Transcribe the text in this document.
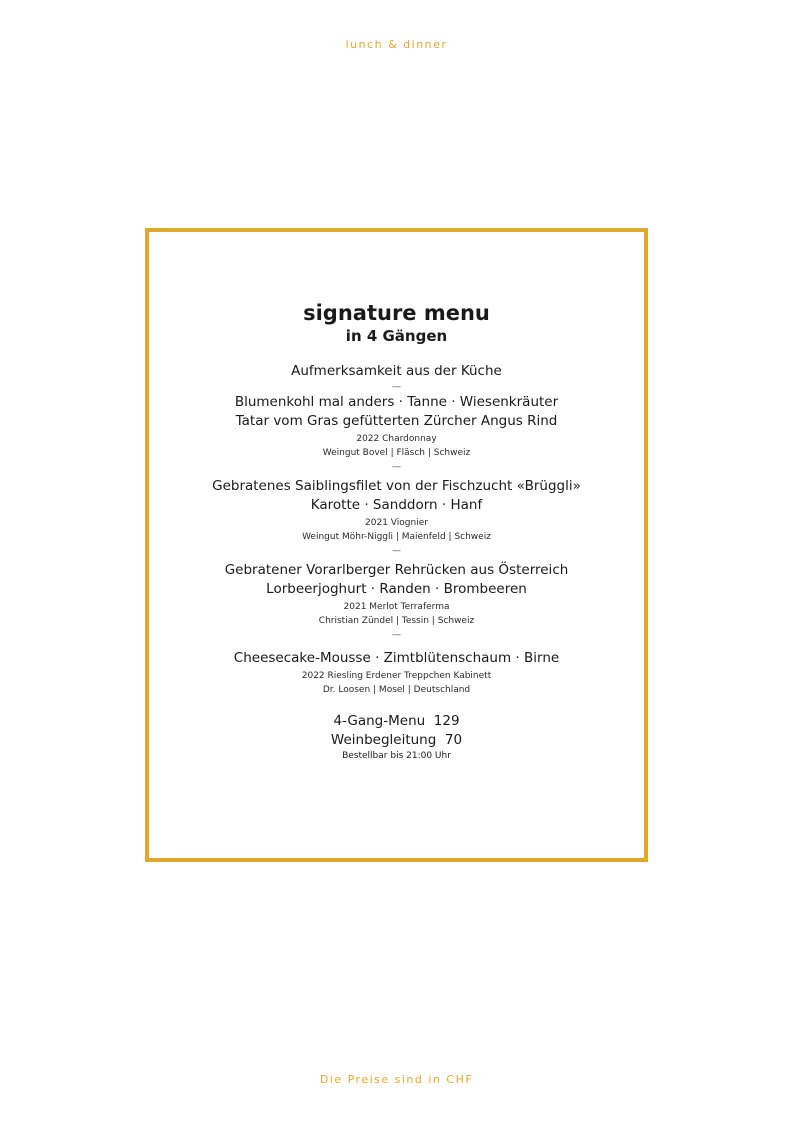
lunch & dinner
signature menu
in 4 Gängen
Aufmerksamkeit aus der Küche
—
Blumenkohl mal anders · Tanne · Wiesenkräuter
Tatar vom Gras gefütterten Zürcher Angus Rind
2022 Chardonnay
Weingut Bovel | Fläsch | Schweiz
—
Gebratenes Saiblingsfilet von der Fischzucht «Brüggli»
Karotte · Sanddorn · Hanf
2021 Viognier
Weingut Möhr-Niggli | Maienfeld | Schweiz
—
Gebratener Vorarlberger Rehrücken aus Österreich
Lorbeerjoghurt · Randen · Brombeeren
2021 Merlot Terraferma
Christian Zündel | Tessin | Schweiz
—
Cheesecake-Mousse · Zimtblütenschaum · Birne
2022 Riesling Erdener Treppchen Kabinett
Dr. Loosen | Mosel | Deutschland
4-Gang-Menu  129
Weinbegleitung  70
Bestellbar bis 21:00 Uhr
Die Preise sind in CHF
